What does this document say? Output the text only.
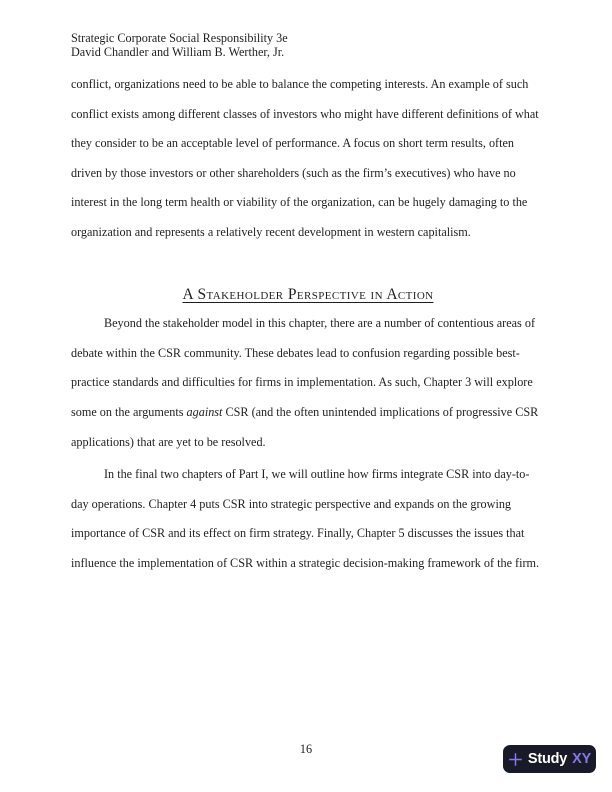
Strategic Corporate Social Responsibility 3e
David Chandler and William B. Werther, Jr.
conflict, organizations need to be able to balance the competing interests. An example of such
conflict exists among different classes of investors who might have different definitions of what
they consider to be an acceptable level of performance. A focus on short term results, often
driven by those investors or other shareholders (such as the firm’s executives) who have no
interest in the long term health or viability of the organization, can be hugely damaging to the
organization and represents a relatively recent development in western capitalism.
A Stakeholder Perspective in Action
Beyond the stakeholder model in this chapter, there are a number of contentious areas of
debate within the CSR community. These debates lead to confusion regarding possible best-
practice standards and difficulties for firms in implementation. As such, Chapter 3 will explore
some on the arguments against CSR (and the often unintended implications of progressive CSR
applications) that are yet to be resolved.
In the final two chapters of Part I, we will outline how firms integrate CSR into day-to-
day operations. Chapter 4 puts CSR into strategic perspective and expands on the growing
importance of CSR and its effect on firm strategy. Finally, Chapter 5 discusses the issues that
influence the implementation of CSR within a strategic decision-making framework of the firm.
16
Study XY
